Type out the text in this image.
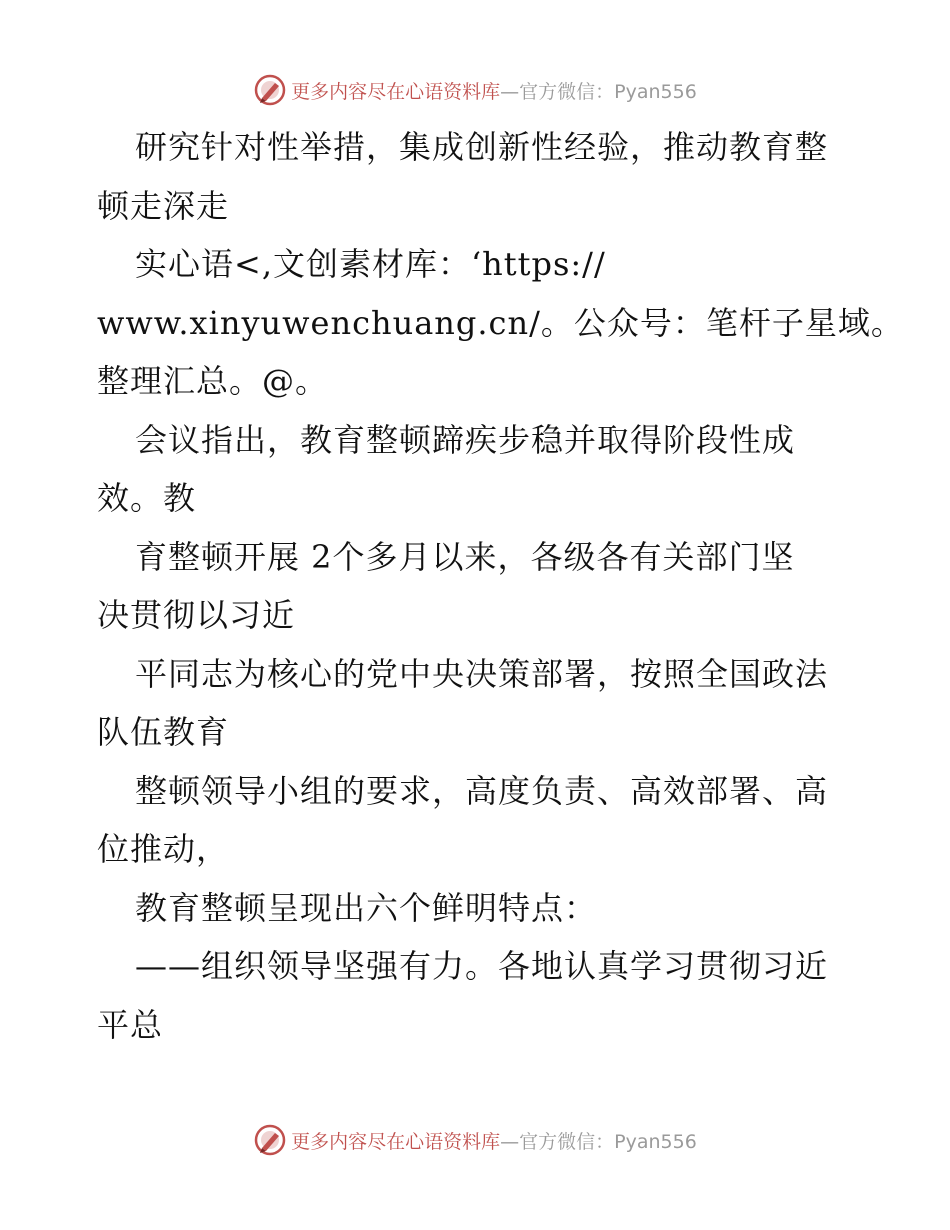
更多内容尽在心语资料库—官方微信：Pyan556
研究针对性举措，集成创新性经验，推动教育整
顿走深走
实心语<,文创素材库：‘https://
www.xinyuwenchuang.cn/。公众号：笔杆子星域。
整理汇总。@。
会议指出，教育整顿蹄疾步稳并取得阶段性成
效。教
育整顿开展 2个多月以来，各级各有关部门坚
决贯彻以习近
平同志为核心的党中央决策部署，按照全国政法
队伍教育
整顿领导小组的要求，高度负责、高效部署、高
位推动，
教育整顿呈现出六个鲜明特点：
——组织领导坚强有力。各地认真学习贯彻习近
平总
更多内容尽在心语资料库—官方微信：Pyan556
